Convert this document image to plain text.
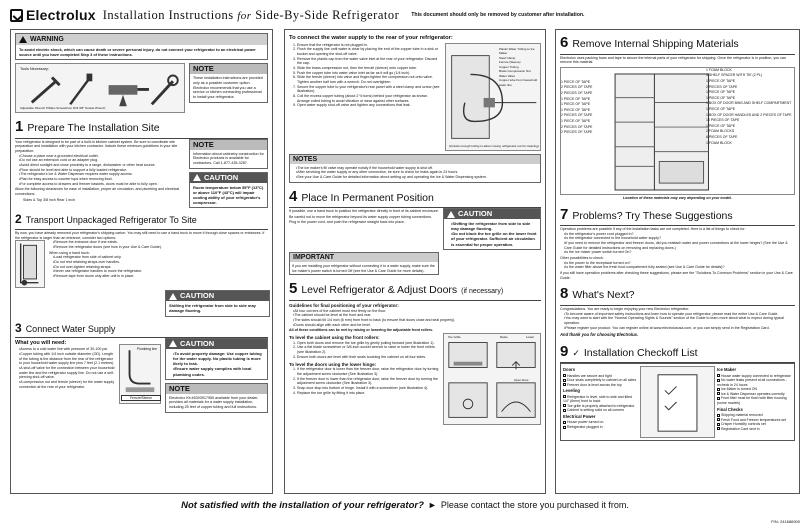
Electrolux Installation Instructions for Side-By-Side Refrigerator This document should only be removed by customer after installation.
WARNING
To avoid electric shock, which can cause death or severe personal injury, do not connect your refrigerator to an electrical power source until you have completed Step 3 of these instructions.
Tools Necessary:
Adjustable Wrench Phillips Screwdriver Drill 3/8" Socket Wrench
NOTE
These installation instructions are provided only as a possible customer option. Electrolux recommends that you use a service or kitchen contracting professional to install your refrigerator.
1 Prepare The Installation Site
Your refrigerator is designed to be part of a built-in kitchen cabinet system. Be sure to coordinate site preparation and installation with your kitchen contractor. Include these minimum guidelines in your site preparation:
• Choose a place near a grounded electrical outlet.
• Do not use an extension cord or an adapter plug.
• Avoid direct sunlight and close proximity to a range, dishwasher or other heat source.
• Floor should be level and able to support a fully loaded refrigerator.
• The refrigerator's Ice & Water Dispenser requires water supply access.
• Plan for easy access to counter tops when removing food.
• For complete access to drawers and freezer baskets, doors must be able to fully open.
Allow the following clearances for ease of installation, proper air circulation, and plumbing and electrical connections:
Sides & Top 3/8 inch Rear 1 inch
NOTE
Information about cabinetry construction for Electrolux products is available for contractors. Call 1-877-435-3287.
CAUTION
Room temperature below 55°F (13°C) or above 110°F (43°C) will impair cooling ability of your refrigerator's compressor.
2 Transport Unpackaged Refrigerator To Site
By now, you have already removed your refrigerator's shipping carton. You may still need to use a hand truck to move it through close spaces or entrances. If the refrigerator is larger than an entrance, consider two options:
• Remove the entrance door if one exists.
• Remove the refrigerator doors (see how in your Use & Care Guide).
When using a hand truck:
• Load refrigerator from side of cabinet only.
• Do not rest retaining straps over handles.
• Do not over-tighten retaining straps.
• Never use refrigerator handles to move the refrigerator.
• Remove tape from doors only after unit is in place.
CAUTION
Shifting the refrigerator from side to side may damage flooring.
3 Connect Water Supply
What you will need:
• Access to a cold water line with pressure of 30-100 psi.
• Copper tubing with 1/4 inch outside diameter (OD). Length of the tubing is the distance from the rear of the refrigerator to your household water supply line plus 7 feet (2.1 meters).
• A shut-off valve for the connection between your household water line and the refrigerator supply line. Do not use a self-piercing shut-off valve.
• A compression nut and ferrule (sleeve) for the water supply connection at the rear of your refrigerator.
Plumbing line
Ferrule/Sleeve
CAUTION
• To avoid property damage: Use copper tubing for the water supply. No plastic tubing is more likely to leak.
• Ensure water supply complies with local plumbing codes.
NOTE
Electrolux Kit #5303917950 available from your dealer, provides all materials for a water supply installation, including 25 feet of copper tubing and full instructions.
To connect the water supply to the rear of your refrigerator:
1. Ensure that the refrigerator is not plugged in.
2. Flush the supply line until water is clear by placing the end of the copper tube in a sink or bucket and opening the shut-off valve.
3. Remove the plastic cap from the water valve inlet at the rear of your refrigerator. Discard the cap.
4. Slide the brass compression nut, then the ferrule (sleeve) onto copper tube.
5. Push the copper tube into water valve inlet as far as it will go (1/4 inch).
6. Slide the ferrule (sleeve) into valve and finger-tighten the compression nut onto valve. Tighten another half turn with a wrench. Do not overtighten.
7. Secure the copper tube to your refrigerator's rear panel with a steel clamp and screw (see illustration).
8. Coil the excess copper tubing (about 2 ½ turns) behind your refrigerator as shown. Arrange coiled tubing to avoid vibration or wear against other surfaces.
9. Open water supply shut-off valve and tighten any connections that leak.
Plastic Water Tubing to Ice Maker
Steel Clamp
Ferrule (Sleeve)
Copper Tubing
Brass Compression Nut
Water Valve
Copper tube from household water line
(Include enough tubing to allow moving refrigerator out for cleaning)
NOTES
• The ice maker's fill valve may operate noisily if the household water supply is shut off.
• After servicing the water supply or any other connection, be sure to check for leaks again in 24 hours.
• See your Use & Care Guide for detailed information about setting up and operating the Ice & Water Dispensing system.
4 Place In Permanent Position
If possible, use a hand truck to position the refrigerator directly in front of its cabinet enclosure.
Be careful not to move the refrigerator beyond its water supply copper tubing connections.
Plug in the power cord, and push the refrigerator straight back into place.
CAUTION
• Shifting the refrigerator from side to side may damage flooring.
• Do not block the toe grille on the lower front of your refrigerator. Sufficient air circulation is essential for proper operation.
IMPORTANT
If you are installing your refrigerator without connecting it to a water supply, make sure the ice maker's power switch is turned Off (see the Use & Care Guide for more details).
5 Level Refrigerator & Adjust Doors (if necessary)
Guidelines for final positioning of your refrigerator:
• All four corners of the cabinet must rest firmly on the floor.
• The cabinet should be level at the front and rear.
• The sides should tilt 1/4 inch (6 mm) from front to back (to ensure that doors close and seal properly).
• Doors should align with each other and be level.
All of these conditions can be met by raising or lowering the adjustable front rollers.
To level the cabinet using the front rollers:
1. Open both doors and remove the toe grille by gently pulling forward (see illustration 1).
2. Use a flat blade screwdriver or 3/8-inch socket wrench to raise or lower the front rollers (see illustration 2).
3. Ensure both doors are level with their seals touching the cabinet on all four sides.
To level the doors using the lower hinge:
1. If the refrigerator door is lower than the freezer door, raise the refrigerator door by turning the adjustment screw clockwise (See illustration 3).
2. If the freezer door is lower than the refrigerator door, raise the freezer door by turning the adjustment screw clockwise (See illustration 3).
3. Snap door stop into bottom of hinge. Install it with a screwdriver (see illustration 4).
4. Replace the toe grille by fitting it into place.
Toe Grille	Raise	Lower
Open Door
6 Remove Internal Shipping Materials
Electrolux uses packing foam and tape to secure the internal parts of your refrigerator for shipping. Once the refrigerator is in position, you can remove this material.
1 FOAM BLOCK
4 SHELF SPACER WITH TIE (2 PL)
1 PIECE OF TAPE
2 PIECES OF TAPE
1 PIECE OF TAPE
1 PIECE OF TAPE
1 BOX OF DOOR BINS AND SHELF COMPARTMENT
1 PIECE OF TAPE
1 BOX OF DOOR HANDLES AND 2 PIECES OF TAPE
10 PIECES OF TAPE
1 PIECE OF TAPE
2 FOAM BLOCKS
6 PIECES OF TAPE
1 FOAM BLOCK
1 PIECE OF TAPE
2 PIECES OF TAPE
2 PIECES OF TAPE
1 PIECE OF TAPE
1 PIECE OF TAPE
1 PIECE OF TAPE
2 PIECES OF TAPE
1 PIECE OF TAPE
2 PIECES OF TAPE
2 PIECES OF TAPE
Location of these materials may vary depending on your model.
7 Problems? Try These Suggestions
Operation problems are possible if any of the installation tasks are not completed. Here is a list of things to check for:
• Is the refrigerator's power cord plugged in?
• Is the refrigerator connected to the household water supply?
• If you need to remove the refrigerator and freezer doors, did you reattach water and power connections at the lower hinges? (See the Use & Care Guide for detailed instructions on removing and replacing doors.)
• Is the ice maker power switch turned On?
Other possibilities to check:
• Is the power to the receptacle turned on?
• Is the water filter above the fresh food compartment fully seated (see Use & Care Guide for details)?
If you still have operation problems after checking these suggestions, please see the "Solutions To Common Problems" section in your Use & Care Guide.
8 What's Next?
Congratulations. You are ready to begin enjoying your new Electrolux refrigerator.
• To become aware of important safety instructions and learn how to operate your refrigerator, please read the entire Use & Care Guide.
• You may want to start with the "Normal Operating Sights & Sounds" section of the Guide to learn more about what to expect during typical operation.
• Please register your product. You can register online at www.electroluxusa.com, or you can simply send in the Registration Card.
And thank you for choosing Electrolux.
9 ✓ Installation Checkoff List
Doors
Handles are secure and tight
Door seals completely to cabinet on all sides
Freezer door is level across the top
Leveling
Refrigerator is level, side to side and tilted 1/4" (6mm) front to back
Toe grille is properly attached to refrigerator
Cabinet is setting solid on all corners
Electrical Power
House power turned on
Refrigerator plugged in
Ice Maker
House water supply connected to refrigerator
No water leaks present at all connections - recheck in 24 hours
Ice Maker is turned ON
Ice & Water Dispenser operates correctly
Front filter must be flush with filter housing (some models)
Final Checks
Shipping material removed
Fresh Food and Freezer temperatures set
Crisper Humidity controls set
Registration Card sent in
Not satisfied with the installation of your refrigerator? ► Please contact the store you purchased it from.
P/N: 241686900
